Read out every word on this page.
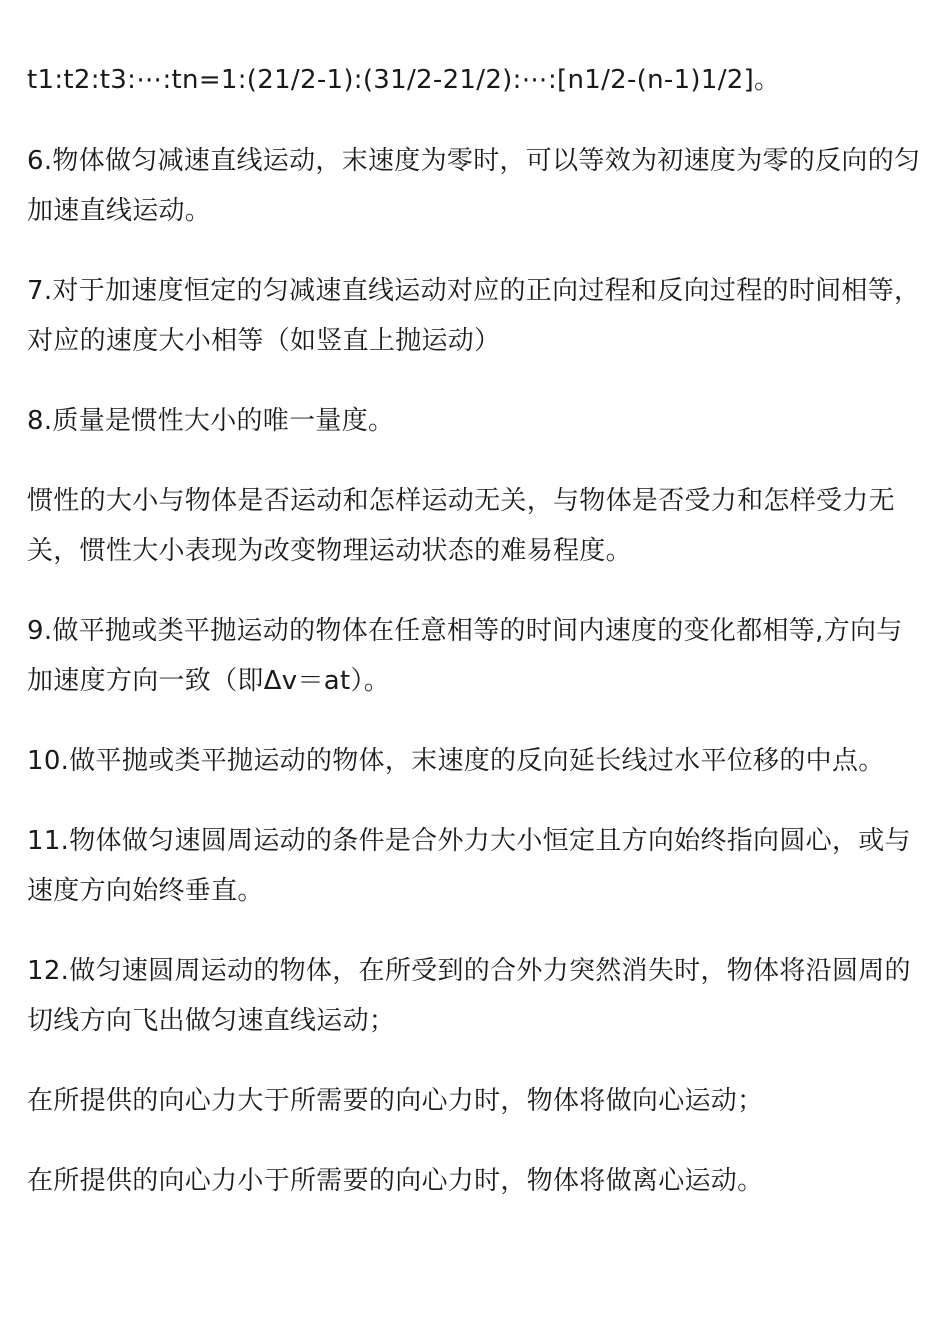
t1:t2:t3:⋯:tn=1:(21/2-1):(31/2-21/2):⋯:[n1/2-(n-1)1/2]。

6.物体做匀减速直线运动，末速度为零时，可以等效为初速度为零的反向的匀加速直线运动。

7.对于加速度恒定的匀减速直线运动对应的正向过程和反向过程的时间相等，对应的速度大小相等（如竖直上抛运动）

8.质量是惯性大小的唯一量度。

惯性的大小与物体是否运动和怎样运动无关，与物体是否受力和怎样受力无关，惯性大小表现为改变物理运动状态的难易程度。

9.做平抛或类平抛运动的物体在任意相等的时间内速度的变化都相等,方向与加速度方向一致（即Δv＝at）。

10.做平抛或类平抛运动的物体，末速度的反向延长线过水平位移的中点。

11.物体做匀速圆周运动的条件是合外力大小恒定且方向始终指向圆心，或与速度方向始终垂直。

12.做匀速圆周运动的物体，在所受到的合外力突然消失时，物体将沿圆周的切线方向飞出做匀速直线运动；

在所提供的向心力大于所需要的向心力时，物体将做向心运动；

在所提供的向心力小于所需要的向心力时，物体将做离心运动。
